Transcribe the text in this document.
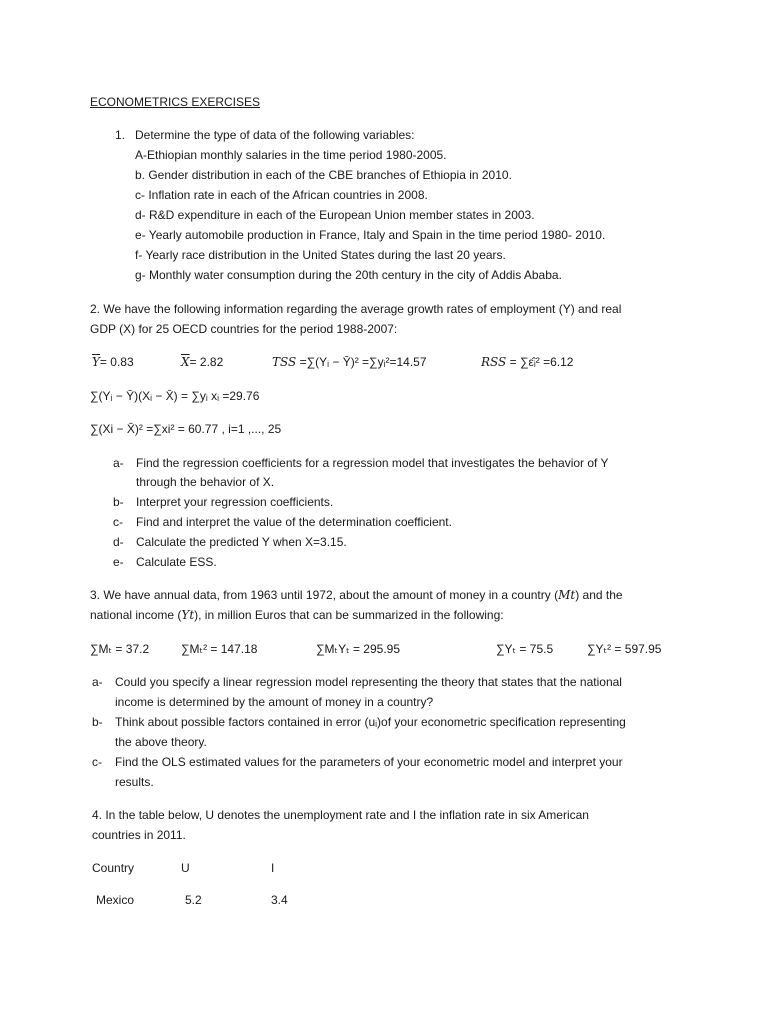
ECONOMETRICS EXERCISES
1. Determine the type of data of the following variables:
A-Ethiopian monthly salaries in the time period 1980-2005.
b. Gender distribution in each of the CBE branches of Ethiopia in 2010.
c- Inflation rate in each of the African countries in 2008.
d- R&D expenditure in each of the European Union member states in 2003.
e- Yearly automobile production in France, Italy and Spain in the time period 1980- 2010.
f- Yearly race distribution in the United States during the last 20 years.
g- Monthly water consumption during the 20th century in the city of Addis Ababa.
2. We have the following information regarding the average growth rates of employment (Y) and real
GDP (X) for 25 OECD countries for the period 1988-2007:
$\overline{Y}= 0.83$	$\overline{X}= 2.82$	TSS =∑(Yᵢ − Ȳ)² =∑yᵢ²=14.57	RSS = ∑ε̂ᵢ² =6.12
∑(Yᵢ − Ȳ)(Xᵢ − X̄) = ∑yᵢ xᵢ =29.76
∑(Xi − X̄)² =∑xi² = 60.77 , i=1 ,..., 25
a- Find the regression coefficients for a regression model that investigates the behavior of Y
through the behavior of X.
b- Interpret your regression coefficients.
c- Find and interpret the value of the determination coefficient.
d- Calculate the predicted Y when X=3.15.
e- Calculate ESS.
3. We have annual data, from 1963 until 1972, about the amount of money in a country (Mt) and the
national income (Yt), in million Euros that can be summarized in the following:
∑Mₜ = 37.2	∑Mₜ² = 147.18	∑MₜYₜ = 295.95	∑Yₜ = 75.5	∑Yₜ² = 597.95
a- Could you specify a linear regression model representing the theory that states that the national
income is determined by the amount of money in a country?
b- Think about possible factors contained in error (uᵢ)of your econometric specification representing
the above theory.
c- Find the OLS estimated values for the parameters of your econometric model and interpret your
results.
4. In the table below, U denotes the unemployment rate and I the inflation rate in six American
countries in 2011.
Country	U	I
Mexico	5.2	3.4
